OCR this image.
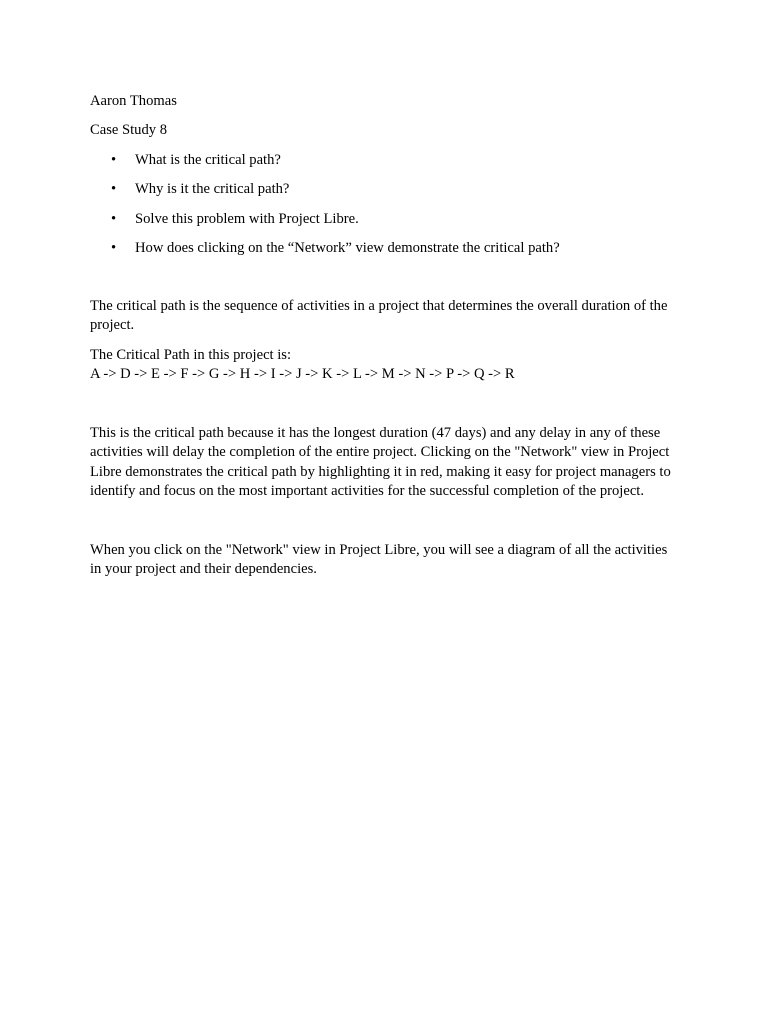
Aaron Thomas

Case Study 8

• What is the critical path?
• Why is it the critical path?
• Solve this problem with Project Libre.
• How does clicking on the “Network” view demonstrate the critical path?

The critical path is the sequence of activities in a project that determines the overall duration of the project.

The Critical Path in this project is:

A -> D -> E -> F -> G -> H -> I -> J -> K -> L -> M -> N -> P -> Q -> R

This is the critical path because it has the longest duration (47 days) and any delay in any of these activities will delay the completion of the entire project. Clicking on the "Network" view in Project Libre demonstrates the critical path by highlighting it in red, making it easy for project managers to identify and focus on the most important activities for the successful completion of the project.

When you click on the "Network" view in Project Libre, you will see a diagram of all the activities in your project and their dependencies.
